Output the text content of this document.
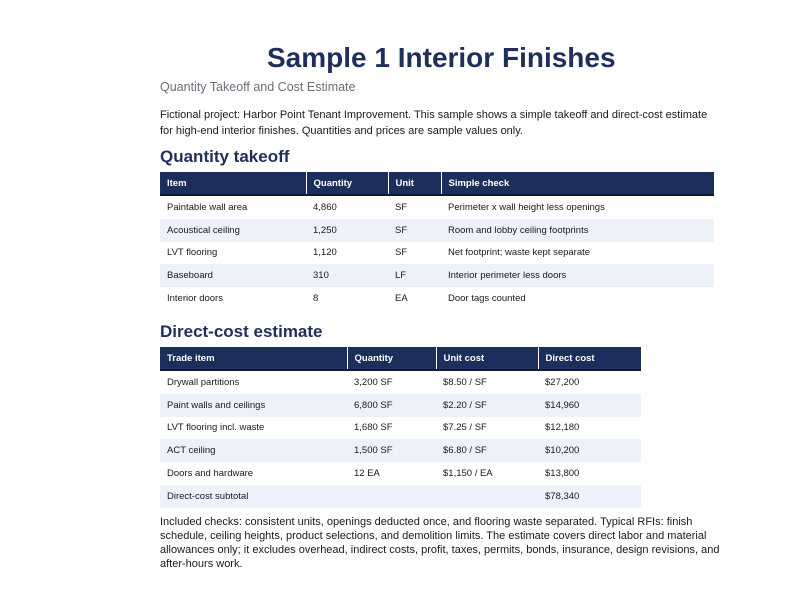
Sample 1 Interior Finishes
Quantity Takeoff and Cost Estimate
Fictional project: Harbor Point Tenant Improvement. This sample shows a simple takeoff and direct-cost estimate for high-end interior finishes. Quantities and prices are sample values only.
Quantity takeoff
Item	Quantity	Unit	Simple check
Paintable wall area	4,860	SF	Perimeter x wall height less openings
Acoustical ceiling	1,250	SF	Room and lobby ceiling footprints
LVT flooring	1,120	SF	Net footprint; waste kept separate
Baseboard	310	LF	Interior perimeter less doors
Interior doors	8	EA	Door tags counted
Direct-cost estimate
Trade item	Quantity	Unit cost	Direct cost
Drywall partitions	3,200 SF	$8.50 / SF	$27,200
Paint walls and ceilings	6,800 SF	$2.20 / SF	$14,960
LVT flooring incl. waste	1,680 SF	$7.25 / SF	$12,180
ACT ceiling	1,500 SF	$6.80 / SF	$10,200
Doors and hardware	12 EA	$1,150 / EA	$13,800
Direct-cost subtotal			$78,340
Included checks: consistent units, openings deducted once, and flooring waste separated. Typical RFIs: finish schedule, ceiling heights, product selections, and demolition limits. The estimate covers direct labor and material allowances only; it excludes overhead, indirect costs, profit, taxes, permits, bonds, insurance, design revisions, and after-hours work.
